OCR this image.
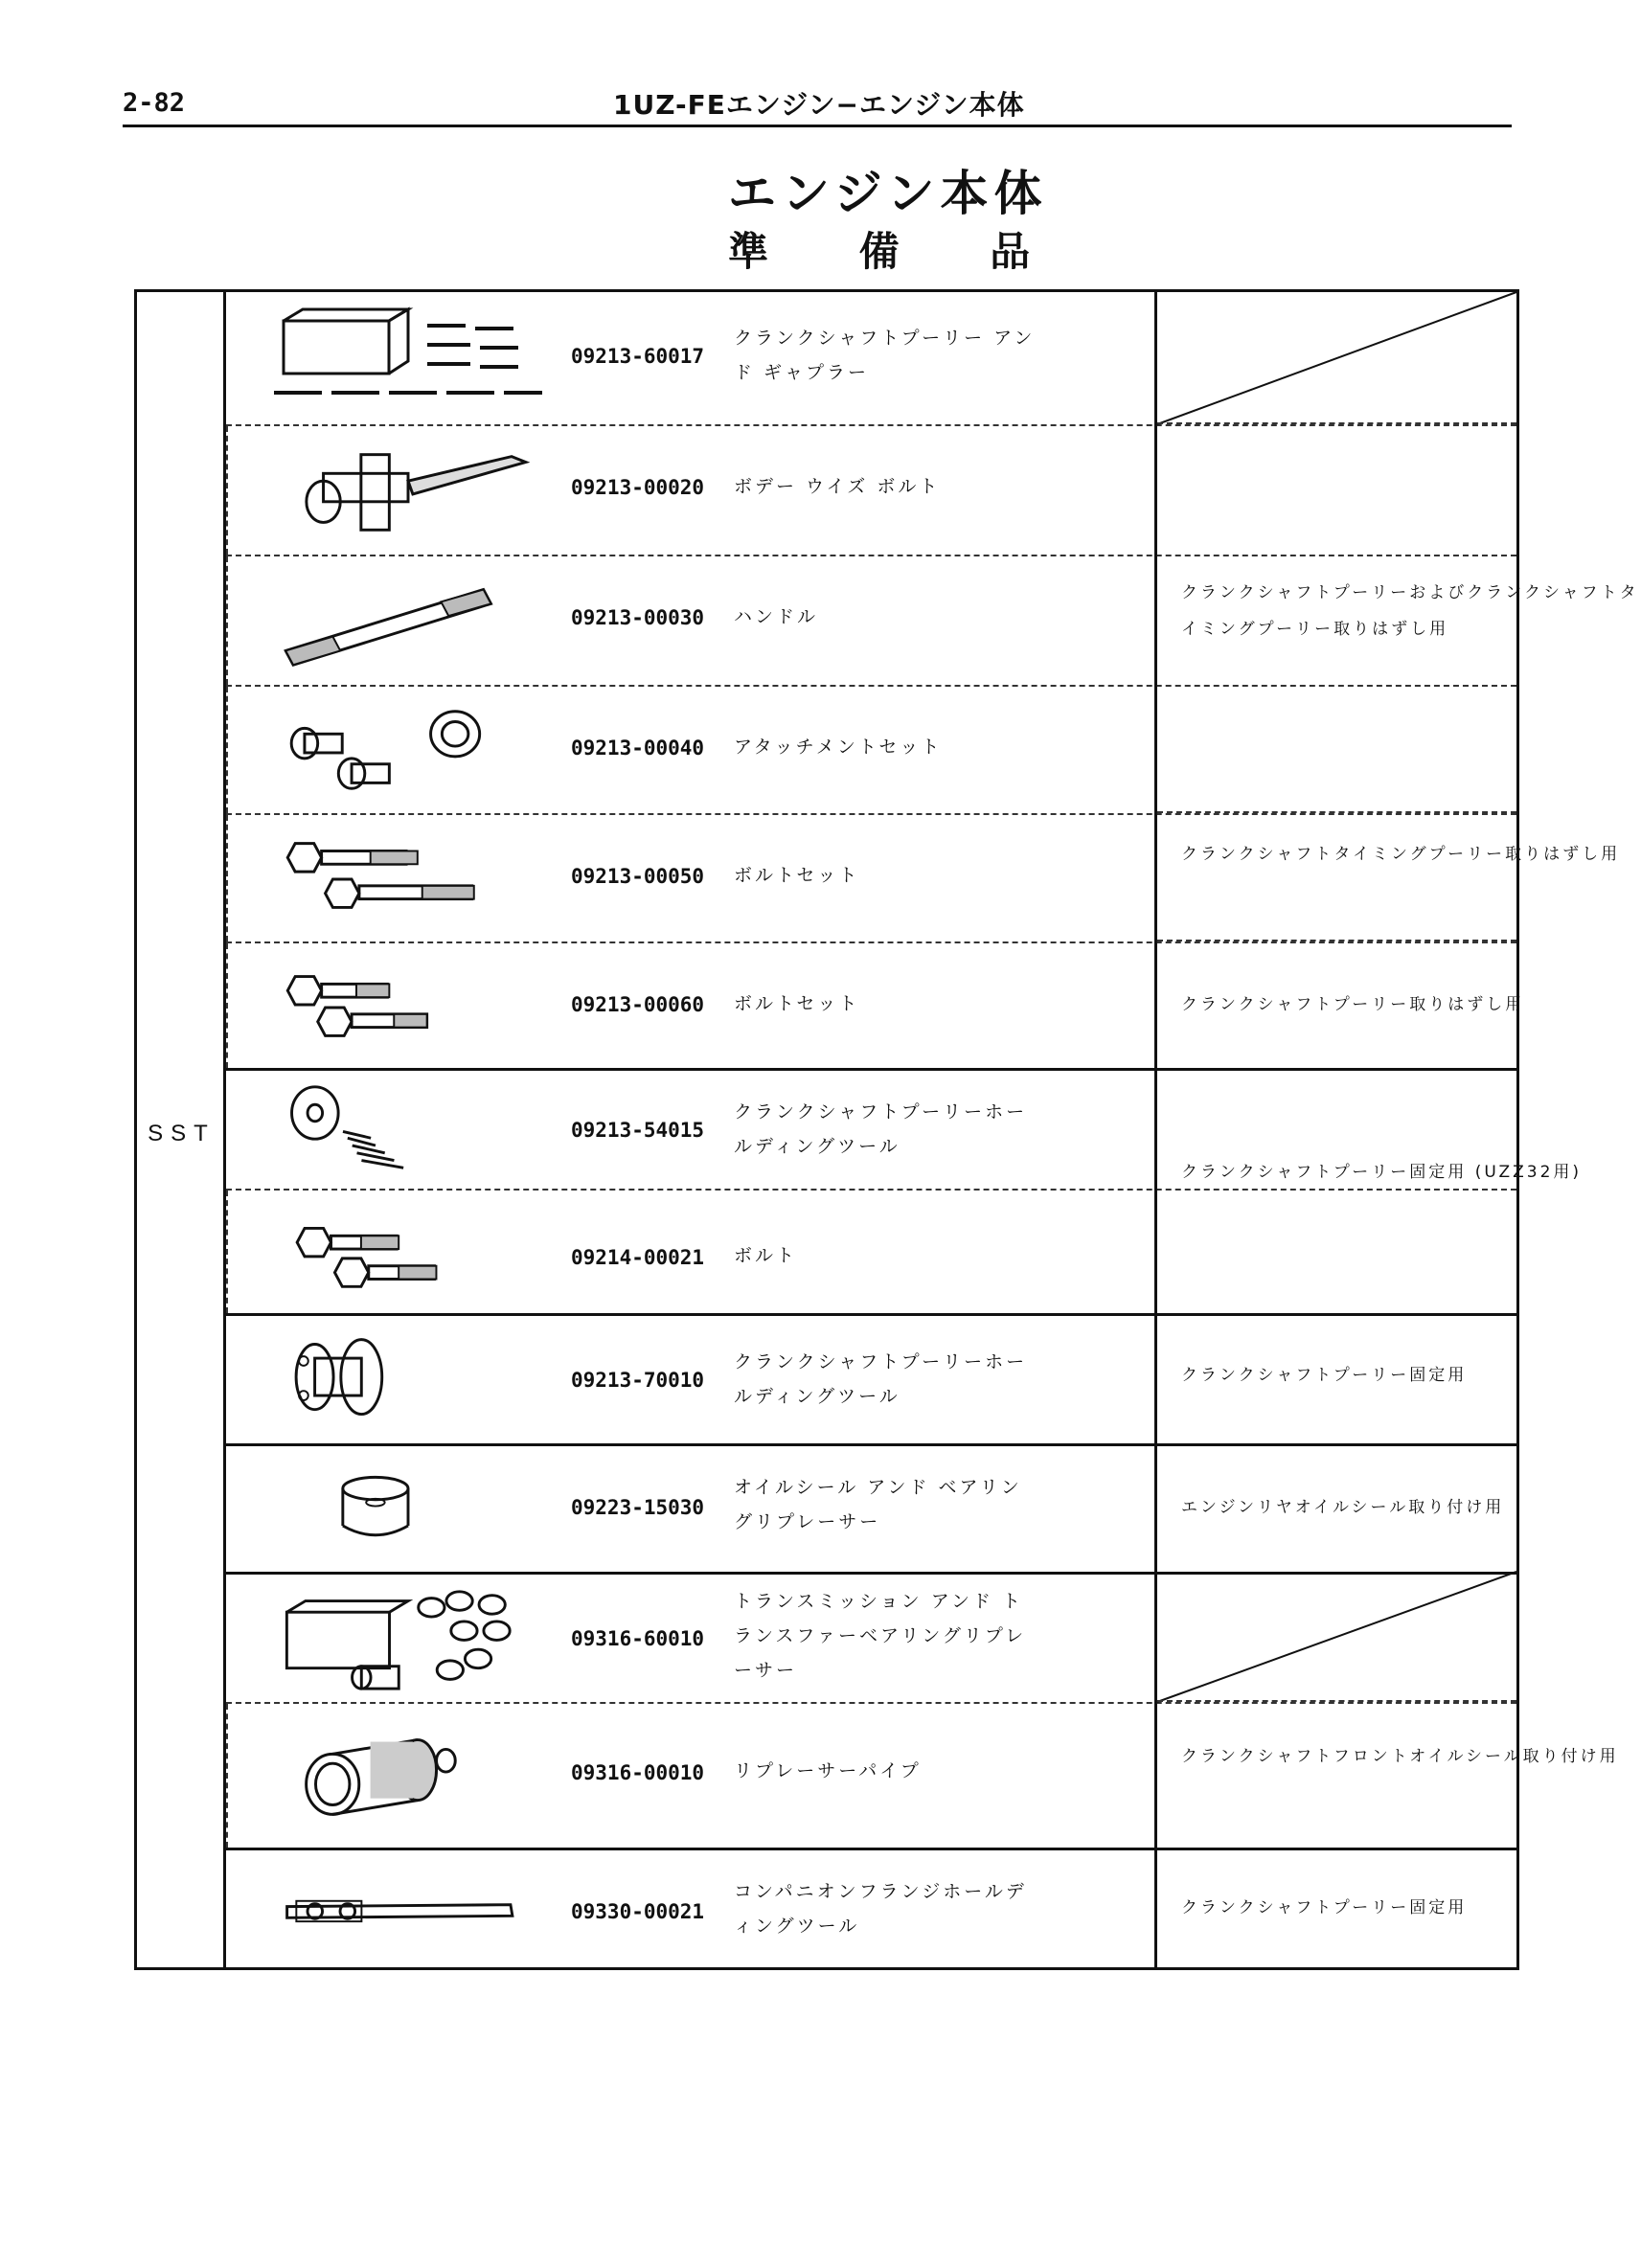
2-82	1UZ-FEエンジン−エンジン本体
エンジン本体
準 備 品
SST
09213-60017
クランクシャフトプーリー アンド ギャプラー
09213-00020 ボデー ウイズ ボルト
09213-00030 ハンドル
09213-00040 アタッチメントセット
09213-00050 ボルトセット
09213-00060 ボルトセット
09213-54015
クランクシャフトプーリーホールディングツール
09214-00021 ボルト
09213-70010
クランクシャフトプーリーホールディングツール
09223-15030
オイルシール アンド ベアリングリプレーサー
09316-60010
トランスミッション アンド トランスファーベアリングリプレーサー
09316-00010 リプレーサーパイプ
09330-00021
コンパニオンフランジホールディングツール
クランクシャフトプーリーおよびクランクシャフトタイミングプーリー取りはずし用
クランクシャフトタイミングプーリー取りはずし用
クランクシャフトプーリー取りはずし用
クランクシャフトプーリー固定用 (UZZ32用)
クランクシャフトプーリー固定用
エンジンリヤオイルシール取り付け用
クランクシャフトフロントオイルシール取り付け用
クランクシャフトプーリー固定用
